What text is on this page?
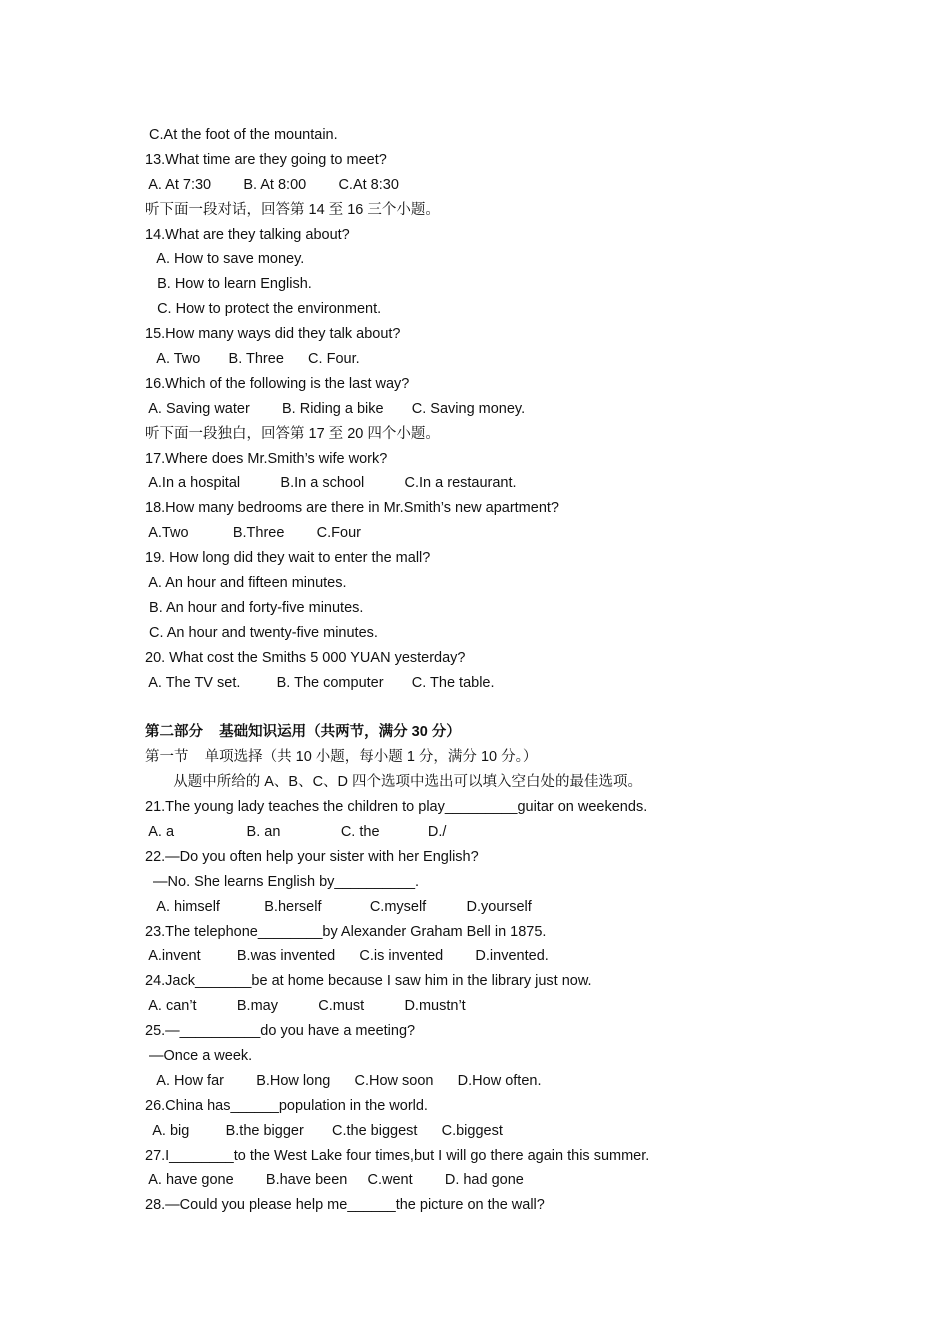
C.At the foot of the mountain.
13.What time are they going to meet?
A. At 7:30        B. At 8:00        C.At 8:30
听下面一段对话，回答第 14 至 16 三个小题。
14.What are they talking about?
A. How to save money.
B. How to learn English.
C. How to protect the environment.
15.How many ways did they talk about?
A. Two       B. Three      C. Four.
16.Which of the following is the last way?
A. Saving water        B. Riding a bike       C. Saving money.
听下面一段独白，回答第 17 至 20 四个小题。
17.Where does Mr.Smith’s wife work?
A.In a hospital          B.In a school          C.In a restaurant.
18.How many bedrooms are there in Mr.Smith’s new apartment?
A.Two           B.Three        C.Four
19. How long did they wait to enter the mall?
A. An hour and fifteen minutes.
B. An hour and forty-five minutes.
C. An hour and twenty-five minutes.
20. What cost the Smiths 5 000 YUAN yesterday?
A. The TV set.         B. The computer       C. The table.
第二部分    基础知识运用（共两节，满分 30 分）
第一节    单项选择（共 10 小题，每小题 1 分，满分 10 分。）
从题中所给的 A、B、C、D 四个选项中选出可以填入空白处的最佳选项。
21.The young lady teaches the children to play_________guitar on weekends.
A. a                  B. an               C. the            D./
22.—Do you often help your sister with her English?
—No. She learns English by__________.
A. himself           B.herself            C.myself          D.yourself
23.The telephone________by Alexander Graham Bell in 1875.
A.invent         B.was invented      C.is invented        D.invented.
24.Jack_______be at home because I saw him in the library just now.
A. can’t          B.may          C.must          D.mustn’t
25.—__________do you have a meeting?
—Once a week.
A. How far        B.How long      C.How soon      D.How often.
26.China has______population in the world.
A. big         B.the bigger       C.the biggest      C.biggest
27.I________to the West Lake four times,but I will go there again this summer.
A. have gone        B.have been     C.went        D. had gone
28.—Could you please help me______the picture on the wall?
